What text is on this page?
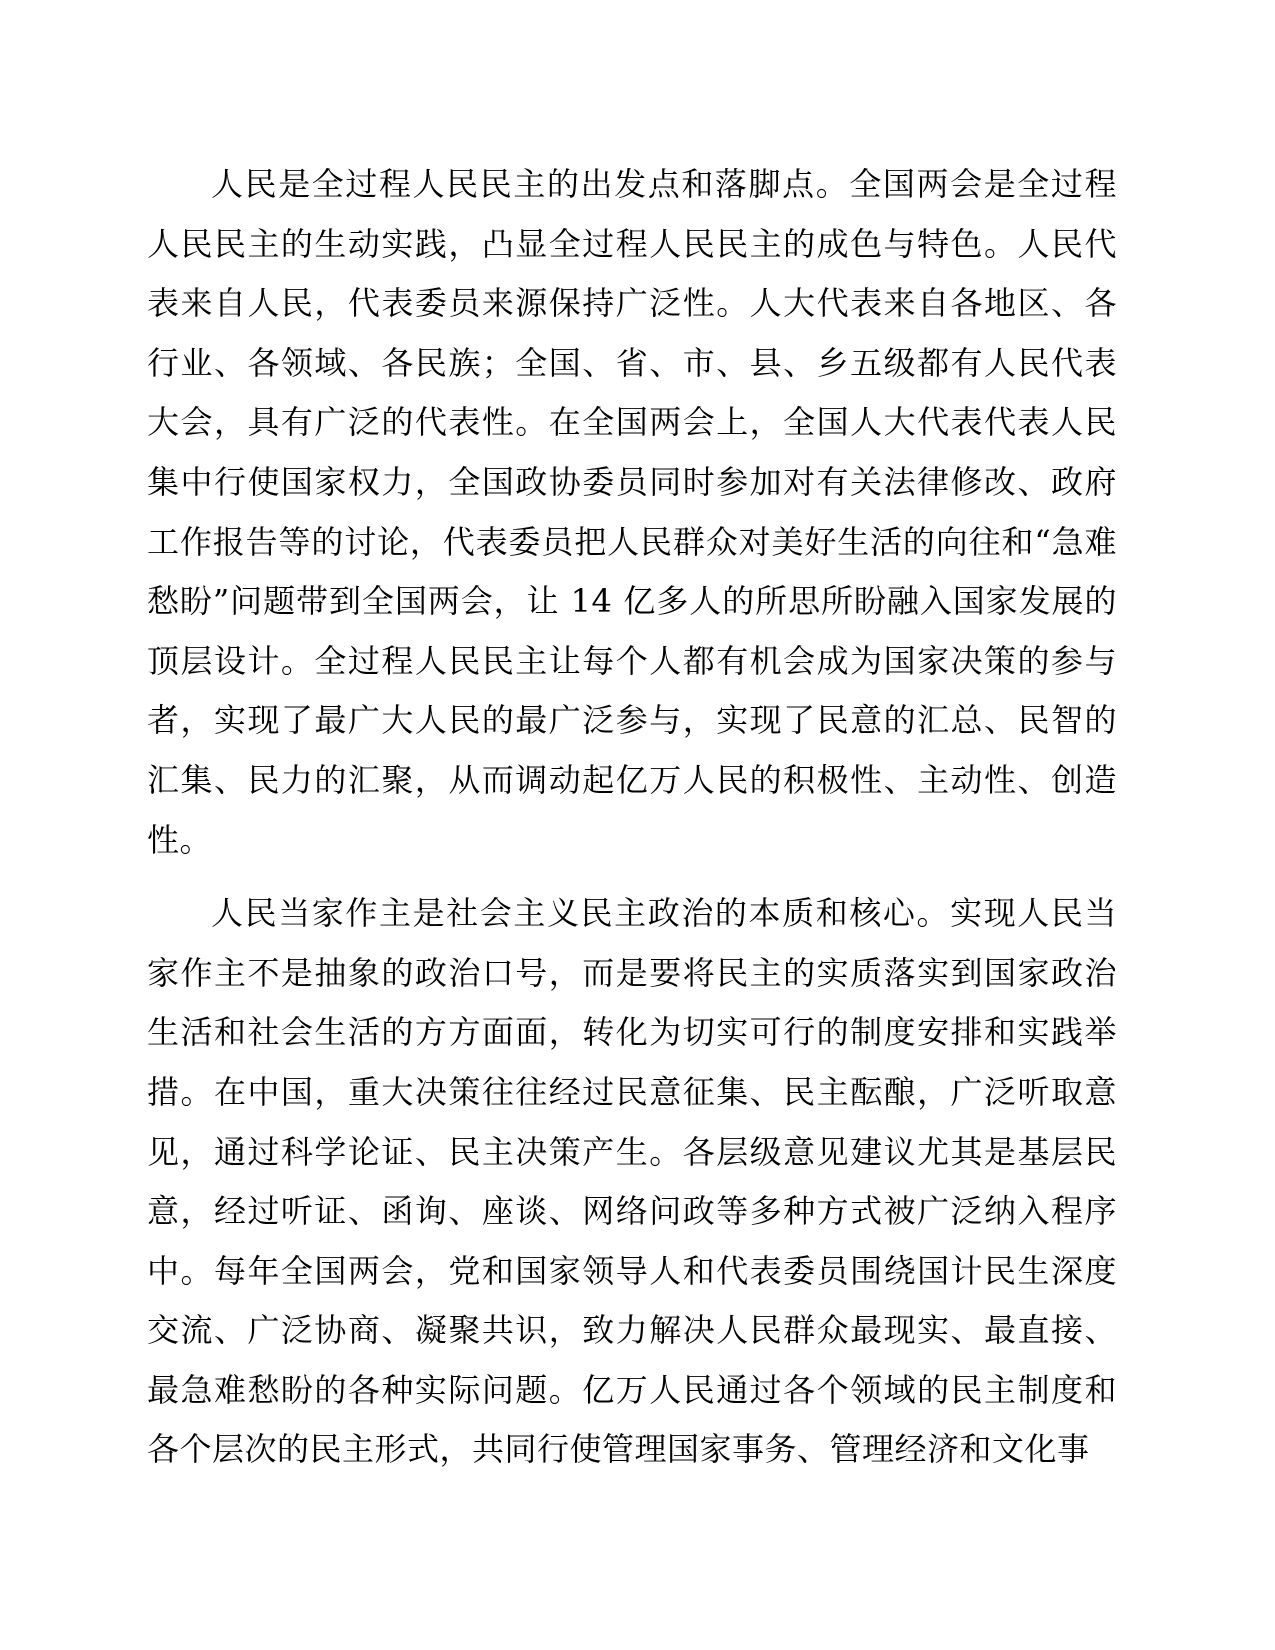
人民是全过程人民民主的出发点和落脚点。全国两会是全过程人民民主的生动实践，凸显全过程人民民主的成色与特色。人民代表来自人民，代表委员来源保持广泛性。人大代表来自各地区、各行业、各领域、各民族；全国、省、市、县、乡五级都有人民代表大会，具有广泛的代表性。在全国两会上，全国人大代表代表人民集中行使国家权力，全国政协委员同时参加对有关法律修改、政府工作报告等的讨论，代表委员把人民群众对美好生活的向往和“急难愁盼”问题带到全国两会，让 14 亿多人的所思所盼融入国家发展的顶层设计。全过程人民民主让每个人都有机会成为国家决策的参与者，实现了最广大人民的最广泛参与，实现了民意的汇总、民智的汇集、民力的汇聚，从而调动起亿万人民的积极性、主动性、创造性。

人民当家作主是社会主义民主政治的本质和核心。实现人民当家作主不是抽象的政治口号，而是要将民主的实质落实到国家政治生活和社会生活的方方面面，转化为切实可行的制度安排和实践举措。在中国，重大决策往往经过民意征集、民主酝酿，广泛听取意见，通过科学论证、民主决策产生。各层级意见建议尤其是基层民意，经过听证、函询、座谈、网络问政等多种方式被广泛纳入程序中。每年全国两会，党和国家领导人和代表委员围绕国计民生深度交流、广泛协商、凝聚共识，致力解决人民群众最现实、最直接、最急难愁盼的各种实际问题。亿万人民通过各个领域的民主制度和各个层次的民主形式，共同行使管理国家事务、管理经济和文化事
